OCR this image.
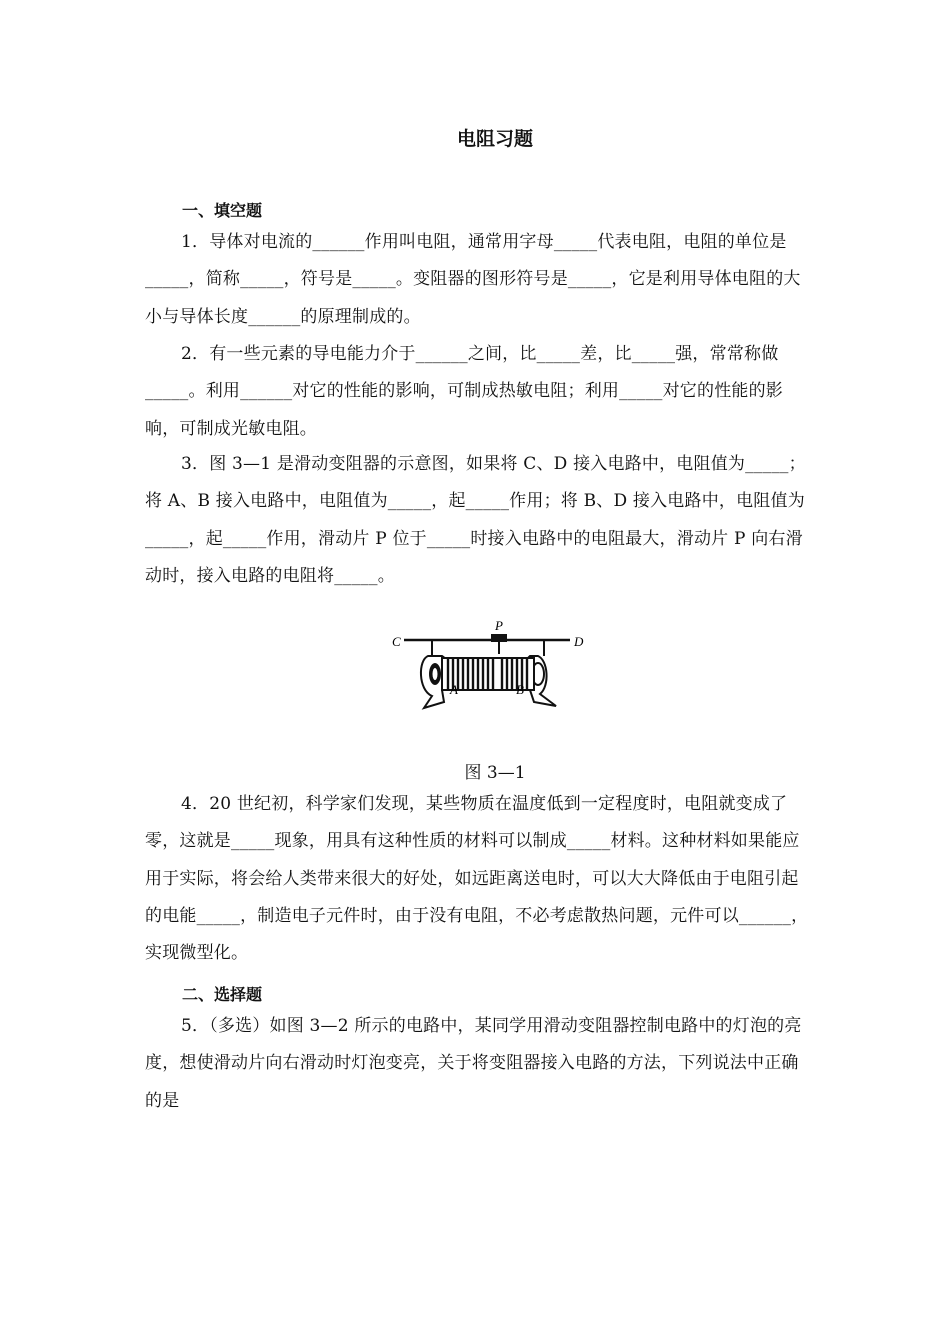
电阻习题
一、填空题
1．导体对电流的______作用叫电阻，通常用字母_____代表电阻，电阻的单位是_____，简称_____，符号是_____。变阻器的图形符号是_____，它是利用导体电阻的大小与导体长度______的原理制成的。
2．有一些元素的导电能力介于______之间，比_____差，比_____强，常常称做_____。利用______对它的性能的影响，可制成热敏电阻；利用_____对它的性能的影响，可制成光敏电阻。
3．图 3—1 是滑动变阻器的示意图，如果将 C、D 接入电路中，电阻值为_____；将 A、B 接入电路中，电阻值为_____，起_____作用；将 B、D 接入电路中，电阻值为_____，起_____作用，滑动片 P 位于_____时接入电路中的电阻最大，滑动片 P 向右滑动时，接入电路的电阻将_____。
C	D
P
A	B
图 3—1
4．20 世纪初，科学家们发现，某些物质在温度低到一定程度时，电阻就变成了零，这就是_____现象，用具有这种性质的材料可以制成_____材料。这种材料如果能应用于实际，将会给人类带来很大的好处，如远距离送电时，可以大大降低由于电阻引起的电能_____，制造电子元件时，由于没有电阻，不必考虑散热问题，元件可以______，实现微型化。
二、选择题
5．（多选）如图 3—2 所示的电路中，某同学用滑动变阻器控制电路中的灯泡的亮度，想使滑动片向右滑动时灯泡变亮，关于将变阻器接入电路的方法，下列说法中正确的是
